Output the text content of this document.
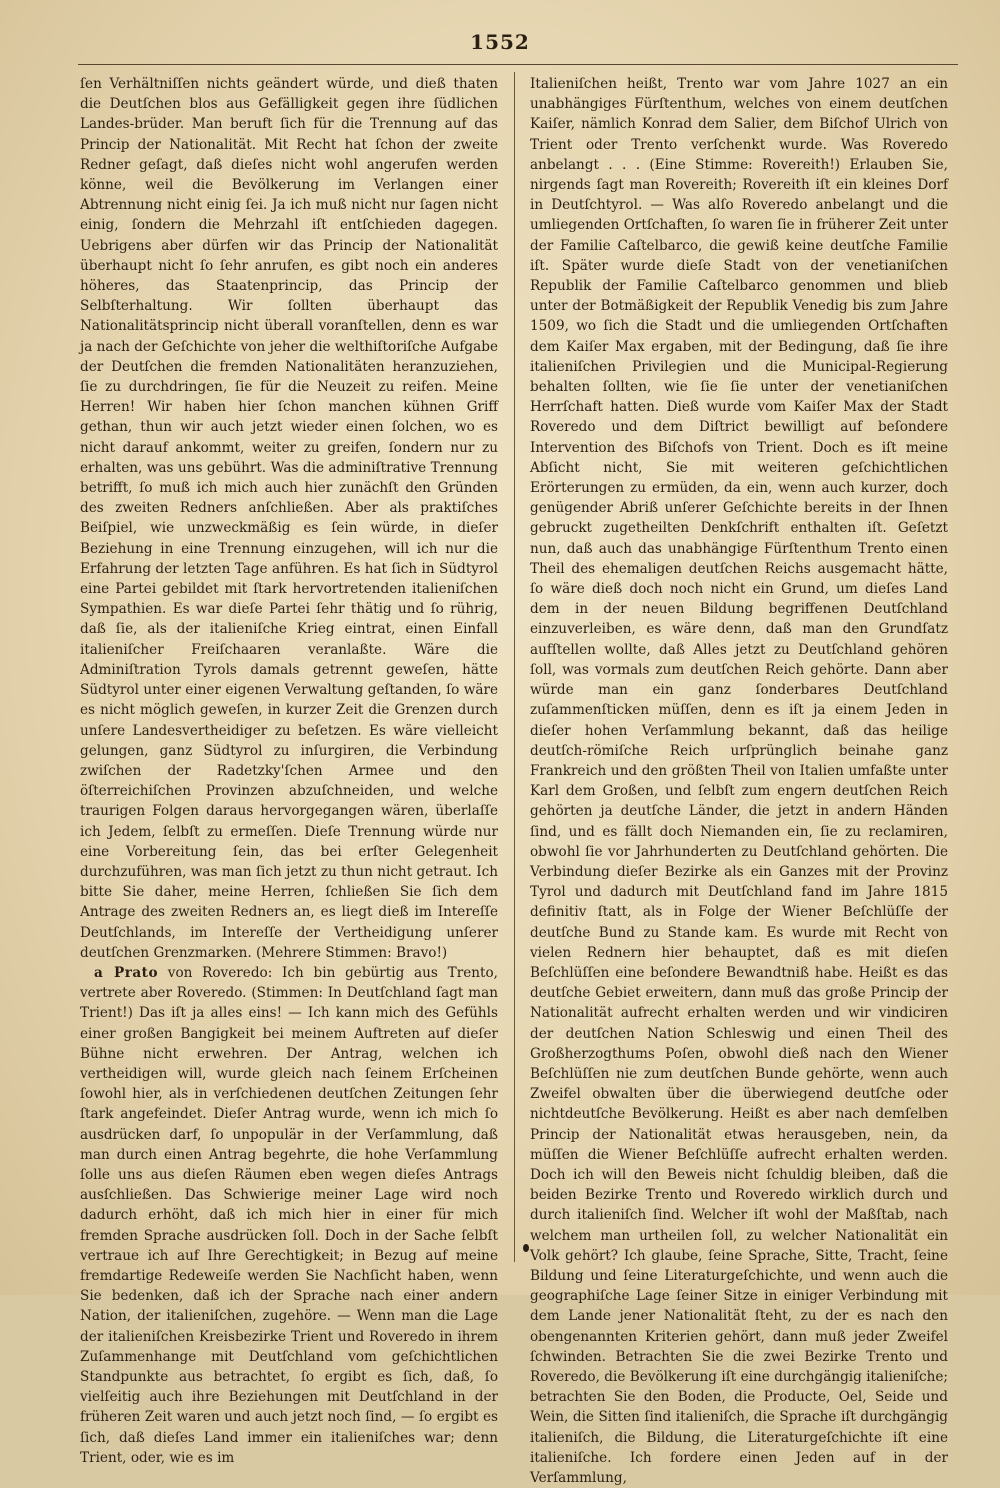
1552

ſen Verhältniſſen nichts geändert würde, und dieß thaten die Deutſchen blos aus Gefälligkeit gegen ihre ſüdlichen Landes-brüder. Man beruft ſich für die Trennung auf das Princip der Nationalität. Mit Recht hat ſchon der zweite Redner geſagt, daß dieſes nicht wohl angerufen werden könne, weil die Bevölkerung im Verlangen einer Abtrennung nicht einig ſei. Ja ich muß nicht nur ſagen nicht einig, ſondern die Mehrzahl iſt entſchieden dagegen. Uebrigens aber dürfen wir das Princip der Nationalität überhaupt nicht ſo ſehr anrufen, es gibt noch ein anderes höheres, das Staatenprincip, das Princip der Selbſterhaltung. Wir ſollten überhaupt das Nationalitätsprincip nicht überall voranſtellen, denn es war ja nach der Geſchichte von jeher die welthiſtoriſche Aufgabe der Deutſchen die fremden Nationalitäten heranzuziehen, ſie zu durchdringen, ſie für die Neuzeit zu reifen. Meine Herren! Wir haben hier ſchon manchen kühnen Griff gethan, thun wir auch jetzt wieder einen ſolchen, wo es nicht darauf ankommt, weiter zu greifen, ſondern nur zu erhalten, was uns gebührt. Was die adminiſtrative Trennung betrifft, ſo muß ich mich auch hier zunächſt den Gründen des zweiten Redners anſchließen. Aber als praktiſches Beiſpiel, wie unzweckmäßig es ſein würde, in dieſer Beziehung in eine Trennung einzugehen, will ich nur die Erfahrung der letzten Tage anführen. Es hat ſich in Südtyrol eine Partei gebildet mit ſtark hervortretenden italieniſchen Sympathien. Es war dieſe Partei ſehr thätig und ſo rührig, daß ſie, als der italieniſche Krieg eintrat, einen Einfall italieniſcher Freiſchaaren veranlaßte. Wäre die Adminiſtration Tyrols damals getrennt geweſen, hätte Südtyrol unter einer eigenen Verwaltung geſtanden, ſo wäre es nicht möglich geweſen, in kurzer Zeit die Grenzen durch unſere Landesvertheidiger zu beſetzen. Es wäre vielleicht gelungen, ganz Südtyrol zu inſurgiren, die Verbindung zwiſchen der Radetzky'ſchen Armee und den öſterreichiſchen Provinzen abzuſchneiden, und welche traurigen Folgen daraus hervorgegangen wären, überlaſſe ich Jedem, ſelbſt zu ermeſſen. Dieſe Trennung würde nur eine Vorbereitung ſein, das bei erſter Gelegenheit durchzuführen, was man ſich jetzt zu thun nicht getraut. Ich bitte Sie daher, meine Herren, ſchließen Sie ſich dem Antrage des zweiten Redners an, es liegt dieß im Intereſſe Deutſchlands, im Intereſſe der Vertheidigung unſerer deutſchen Grenzmarken. (Mehrere Stimmen: Bravo!)

a Prato von Roveredo: Ich bin gebürtig aus Trento, vertrete aber Roveredo. (Stimmen: In Deutſchland ſagt man Trient!) Das iſt ja alles eins! — Ich kann mich des Gefühls einer großen Bangigkeit bei meinem Auftreten auf dieſer Bühne nicht erwehren. Der Antrag, welchen ich vertheidigen will, wurde gleich nach ſeinem Erſcheinen ſowohl hier, als in verſchiedenen deutſchen Zeitungen ſehr ſtark angefeindet. Dieſer Antrag wurde, wenn ich mich ſo ausdrücken darf, ſo unpopulär in der Verſammlung, daß man durch einen Antrag begehrte, die hohe Verſammlung ſolle uns aus dieſen Räumen eben wegen dieſes Antrags ausſchließen. Das Schwierige meiner Lage wird noch dadurch erhöht, daß ich mich hier in einer für mich fremden Sprache ausdrücken ſoll. Doch in der Sache ſelbſt vertraue ich auf Ihre Gerechtigkeit; in Bezug auf meine fremdartige Redeweiſe werden Sie Nachſicht haben, wenn Sie bedenken, daß ich der Sprache nach einer andern Nation, der italieniſchen, zugehöre. — Wenn man die Lage der italieniſchen Kreisbezirke Trient und Roveredo in ihrem Zuſammenhange mit Deutſchland vom geſchichtlichen Standpunkte aus betrachtet, ſo ergibt es ſich, daß, ſo vielſeitig auch ihre Beziehungen mit Deutſchland in der früheren Zeit waren und auch jetzt noch ſind, — ſo ergibt es ſich, daß dieſes Land immer ein italieniſches war; denn Trient, oder, wie es im

Italieniſchen heißt, Trento war vom Jahre 1027 an ein unabhängiges Fürſtenthum, welches von einem deutſchen Kaiſer, nämlich Konrad dem Salier, dem Biſchof Ulrich von Trient oder Trento verſchenkt wurde. Was Roveredo anbelangt . . . (Eine Stimme: Rovereith!) Erlauben Sie, nirgends ſagt man Rovereith; Rovereith iſt ein kleines Dorf in Deutſchtyrol. — Was alſo Roveredo anbelangt und die umliegenden Ortſchaften, ſo waren ſie in früherer Zeit unter der Familie Caſtelbarco, die gewiß keine deutſche Familie iſt. Später wurde dieſe Stadt von der venetianiſchen Republik der Familie Caſtelbarco genommen und blieb unter der Botmäßigkeit der Republik Venedig bis zum Jahre 1509, wo ſich die Stadt und die umliegenden Ortſchaften dem Kaiſer Max ergaben, mit der Bedingung, daß ſie ihre italieniſchen Privilegien und die Municipal-Regierung behalten ſollten, wie ſie ſie unter der venetianiſchen Herrſchaft hatten. Dieß wurde vom Kaiſer Max der Stadt Roveredo und dem Diſtrict bewilligt auf beſondere Intervention des Biſchofs von Trient. Doch es iſt meine Abſicht nicht, Sie mit weiteren geſchichtlichen Erörterungen zu ermüden, da ein, wenn auch kurzer, doch genügender Abriß unſerer Geſchichte bereits in der Ihnen gebruckt zugetheilten Denkſchrift enthalten iſt. Geſetzt nun, daß auch das unabhängige Fürſtenthum Trento einen Theil des ehemaligen deutſchen Reichs ausgemacht hätte, ſo wäre dieß doch noch nicht ein Grund, um dieſes Land dem in der neuen Bildung begriffenen Deutſchland einzuverleiben, es wäre denn, daß man den Grundſatz aufſtellen wollte, daß Alles jetzt zu Deutſchland gehören ſoll, was vormals zum deutſchen Reich gehörte. Dann aber würde man ein ganz ſonderbares Deutſchland zuſammenſticken müſſen, denn es iſt ja einem Jeden in dieſer hohen Verſammlung bekannt, daß das heilige deutſch-römiſche Reich urſprünglich beinahe ganz Frankreich und den größten Theil von Italien umfaßte unter Karl dem Großen, und ſelbſt zum engern deutſchen Reich gehörten ja deutſche Länder, die jetzt in andern Händen ſind, und es fällt doch Niemanden ein, ſie zu reclamiren, obwohl ſie vor Jahrhunderten zu Deutſchland gehörten. Die Verbindung dieſer Bezirke als ein Ganzes mit der Provinz Tyrol und dadurch mit Deutſchland fand im Jahre 1815 definitiv ſtatt, als in Folge der Wiener Beſchlüſſe der deutſche Bund zu Stande kam. Es wurde mit Recht von vielen Rednern hier behauptet, daß es mit dieſen Beſchlüſſen eine beſondere Bewandtniß habe. Heißt es das deutſche Gebiet erweitern, dann muß das große Princip der Nationalität aufrecht erhalten werden und wir vindiciren der deutſchen Nation Schleswig und einen Theil des Großherzogthums Poſen, obwohl dieß nach den Wiener Beſchlüſſen nie zum deutſchen Bunde gehörte, wenn auch Zweifel obwalten über die überwiegend deutſche oder nichtdeutſche Bevölkerung. Heißt es aber nach demſelben Princip der Nationalität etwas herausgeben, nein, da müſſen die Wiener Beſchlüſſe aufrecht erhalten werden. Doch ich will den Beweis nicht ſchuldig bleiben, daß die beiden Bezirke Trento und Roveredo wirklich durch und durch italieniſch ſind. Welcher iſt wohl der Maßſtab, nach welchem man urtheilen ſoll, zu welcher Nationalität ein Volk gehört? Ich glaube, ſeine Sprache, Sitte, Tracht, ſeine Bildung und ſeine Literaturgeſchichte, und wenn auch die geographiſche Lage ſeiner Sitze in einiger Verbindung mit dem Lande jener Nationalität ſteht, zu der es nach den obengenannten Kriterien gehört, dann muß jeder Zweifel ſchwinden. Betrachten Sie die zwei Bezirke Trento und Roveredo, die Bevölkerung iſt eine durchgängig italieniſche; betrachten Sie den Boden, die Producte, Oel, Seide und Wein, die Sitten ſind italieniſch, die Sprache iſt durchgängig italieniſch, die Bildung, die Literaturgeſchichte iſt eine italieniſche. Ich fordere einen Jeden auf in der Verſammlung,
